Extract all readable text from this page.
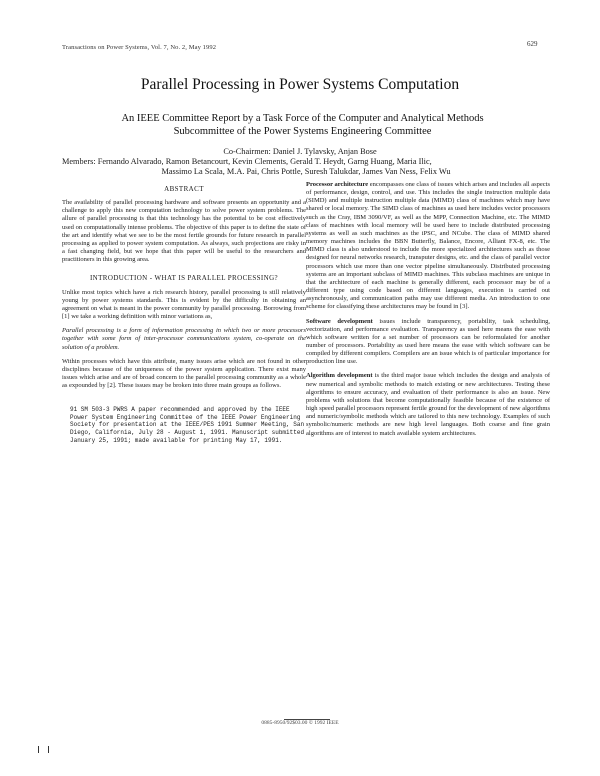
Transactions on Power Systems, Vol. 7, No. 2, May 1992	629
Parallel Processing in Power Systems Computation
An IEEE Committee Report by a Task Force of the Computer and Analytical Methods Subcommittee of the Power Systems Engineering Committee
Co-Chairmen: Daniel J. Tylavsky, Anjan Bose
Members: Fernando Alvarado, Ramon Betancourt, Kevin Clements, Gerald T. Heydt, Garng Huang, Maria Ilic,
Massimo La Scala, M.A. Pai, Chris Pottle, Suresh Talukdar, James Van Ness, Felix Wu
ABSTRACT

The availability of parallel processing hardware and software presents an opportunity and a challenge to apply this new computation technology to solve power system problems. The allure of parallel processing is that this technology has the potential to be cost effectively used on computationally intense problems. The objective of this paper is to define the state of the art and identify what we see to be the most fertile grounds for future research in parallel processing as applied to power system computation. As always, such projections are risky in a fast changing field, but we hope that this paper will be useful to the researchers and practitioners in this growing area.

INTRODUCTION - WHAT IS PARALLEL PROCESSING?

Unlike most topics which have a rich research history, parallel processing is still relatively young by power systems standards. This is evident by the difficulty in obtaining an agreement on what is meant in the power community by parallel processing. Borrowing from [1] we take a working definition with minor variations as,

Parallel processing is a form of information processing in which two or more processors together with some form of inter-processor communications system, co-operate on the solution of a problem.

Within processes which have this attribute, many issues arise which are not found in other disciplines because of the uniqueness of the power system application. There exist many issues which arise and are of broad concern to the parallel processing community as a whole as expounded by [2]. These issues may be broken into three main groups as follows.

91 SM 503-3 PWRS A paper recommended and approved by the IEEE Power System Engineering Committee of the IEEE Power Engineering Society for presentation at the IEEE/PES 1991 Summer Meeting, San Diego, California, July 28 - August 1, 1991. Manuscript submitted January 25, 1991; made available for printing May 17, 1991.

Processor architecture encompasses one class of issues which arises and includes all aspects of performance, design, control, and use. This includes the single instruction multiple data (SIMD) and multiple instruction multiple data (MIMD) class of machines which may have shared or local memory. The SIMD class of machines as used here includes vector processors such as the Cray, IBM 3090/VF, as well as the MPP, Connection Machine, etc. The MIMD class of machines with local memory will be used here to include distributed processing systems as well as such machines as the iPSC, and NCube. The class of MIMD shared memory machines includes the BBN Butterfly, Balance, Encore, Alliant FX-8, etc. The MIMD class is also understood to include the more specialized architectures such as those designed for neural networks research, transputer designs, etc. and the class of parallel vector processors which use more than one vector pipeline simultaneously. Distributed processing systems are an important subclass of MIMD machines. This subclass machines are unique in that the architecture of each machine is generally different, each processor may be of a different type using code based on different languages, execution is carried out asynchronously, and communication paths may use different media. An introduction to one scheme for classifying these architectures may be found in [3].

Software development issues include transparency, portability, task scheduling, vectorization, and performance evaluation. Transparency as used here means the ease with which software written for a set number of processors can be reformulated for another number of processors. Portability as used here means the ease with which software can be compiled by different compilers. Compilers are an issue which is of particular importance for production line use.

Algorithm development is the third major issue which includes the design and analysis of new numerical and symbolic methods to match existing or new architectures. Testing these algorithms to ensure accuracy, and evaluation of their performance is also an issue. New problems with solutions that become computationally feasible because of the existence of high speed parallel processors represent fertile ground for the development of new algorithms and numeric/symbolic methods which are tailored to this new technology. Examples of such symbolic/numeric methods are new high level languages. Both coarse and fine grain algorithms are of interest to match available system architectures.

0885-8950/92$03.00 © 1992 IEEE
